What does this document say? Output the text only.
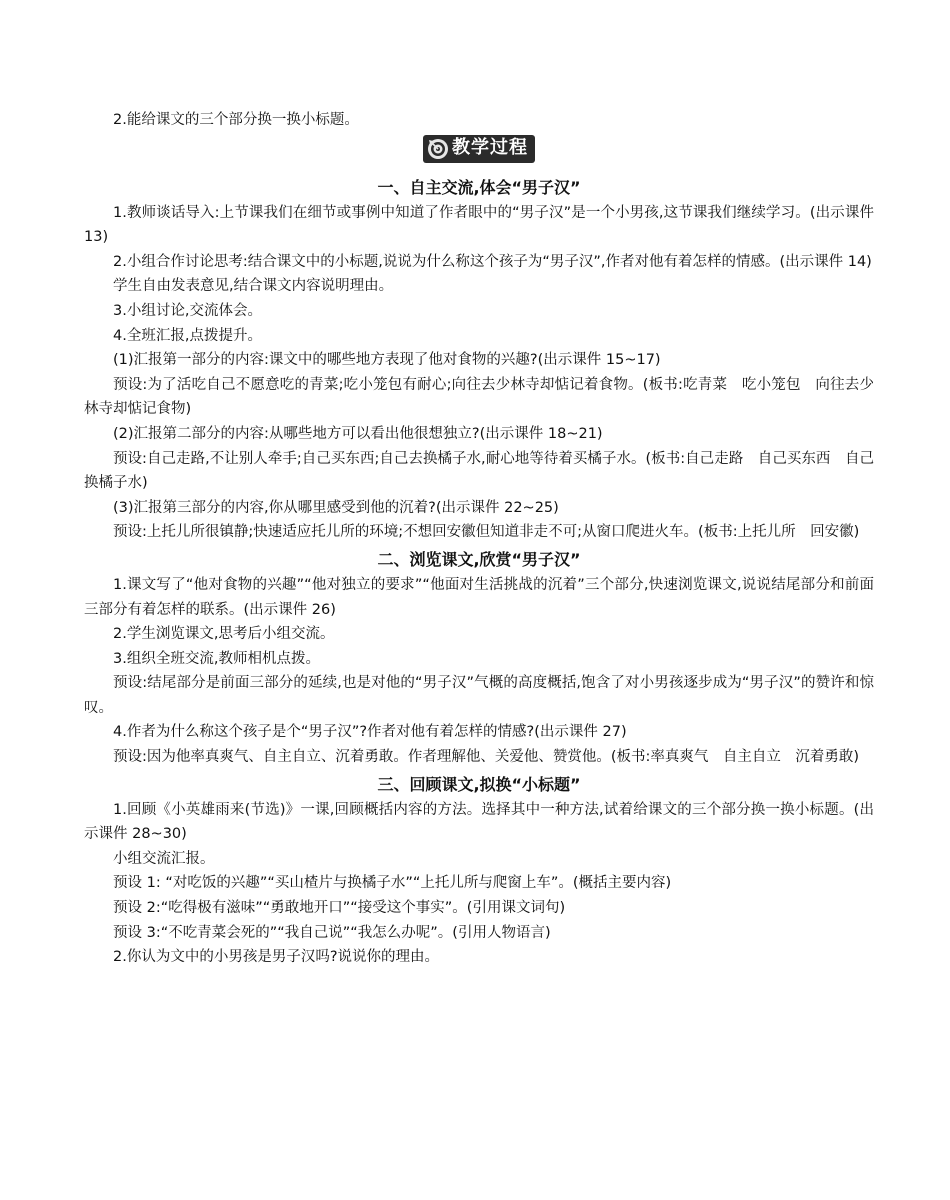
2.能给课文的三个部分换一换小标题。

教学过程
一、自主交流,体会“男子汉”

1.教师谈话导入:上节课我们在细节或事例中知道了作者眼中的“男子汉”是一个小男孩,这节课我们继续学习。(出示课件 13)

2.小组合作讨论思考:结合课文中的小标题,说说为什么称这个孩子为“男子汉”,作者对他有着怎样的情感。(出示课件 14)

学生自由发表意见,结合课文内容说明理由。

3.小组讨论,交流体会。

4.全班汇报,点拨提升。

(1)汇报第一部分的内容:课文中的哪些地方表现了他对食物的兴趣?(出示课件 15~17)

预设:为了活吃自己不愿意吃的青菜;吃小笼包有耐心;向往去少林寺却惦记着食物。(板书:吃青菜　吃小笼包　向往去少林寺却惦记食物)

(2)汇报第二部分的内容:从哪些地方可以看出他很想独立?(出示课件 18~21)

预设:自己走路,不让别人牵手;自己买东西;自己去换橘子水,耐心地等待着买橘子水。(板书:自己走路　自己买东西　自己换橘子水)

(3)汇报第三部分的内容,你从哪里感受到他的沉着?(出示课件 22~25)

预设:上托儿所很镇静;快速适应托儿所的环境;不想回安徽但知道非走不可;从窗口爬进火车。(板书:上托儿所　回安徽)

二、浏览课文,欣赏“男子汉”

1.课文写了“他对食物的兴趣”“他对独立的要求”“他面对生活挑战的沉着”三个部分,快速浏览课文,说说结尾部分和前面三部分有着怎样的联系。(出示课件 26)

2.学生浏览课文,思考后小组交流。

3.组织全班交流,教师相机点拨。

预设:结尾部分是前面三部分的延续,也是对他的“男子汉”气概的高度概括,饱含了对小男孩逐步成为“男子汉”的赞许和惊叹。

4.作者为什么称这个孩子是个“男子汉”?作者对他有着怎样的情感?(出示课件 27)

预设:因为他率真爽气、自主自立、沉着勇敢。作者理解他、关爱他、赞赏他。(板书:率真爽气　自主自立　沉着勇敢)

三、回顾课文,拟换“小标题”

1.回顾《小英雄雨来(节选)》一课,回顾概括内容的方法。选择其中一种方法,试着给课文的三个部分换一换小标题。(出示课件 28~30)

小组交流汇报。

预设 1: “对吃饭的兴趣”“买山楂片与换橘子水”“上托儿所与爬窗上车”。(概括主要内容)

预设 2:“吃得极有滋味”“勇敢地开口”“接受这个事实”。(引用课文词句)

预设 3:“不吃青菜会死的”“我自己说”“我怎么办呢”。(引用人物语言)

2.你认为文中的小男孩是男子汉吗?说说你的理由。
